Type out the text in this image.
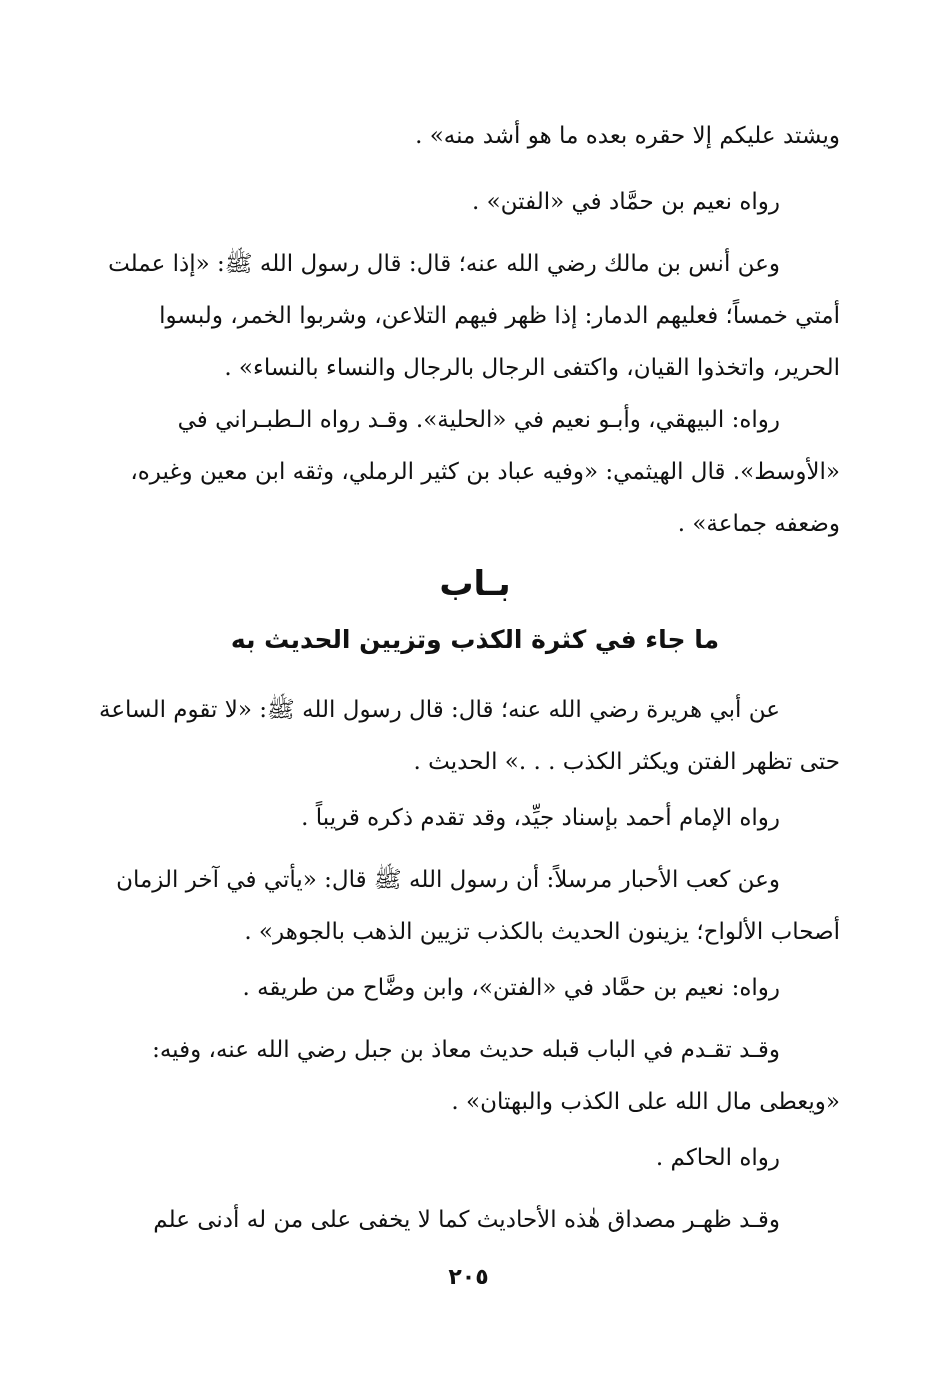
ويشتد عليكم إلا حقره بعده ما هو أشد منه» .
رواه نعيم بن حمَّاد في «الفتن» .
وعن أنس بن مالك رضي الله عنه؛ قال: قال رسول الله ﷺ: «إذا عملت
أمتي خمساً؛ فعليهم الدمار: إذا ظهر فيهم التلاعن، وشربوا الخمر، ولبسوا
الحرير، واتخذوا القيان، واكتفى الرجال بالرجال والنساء بالنساء» .
رواه: البيهقي، وأبـو نعيم في «الحلية». وقـد رواه الـطبـراني في
«الأوسط». قال الهيثمي: «وفيه عباد بن كثير الرملي، وثقه ابن معين وغيره،
وضعفه جماعة» .
بـاب
ما جاء في كثرة الكذب وتزيين الحديث به
عن أبي هريرة رضي الله عنه؛ قال: قال رسول الله ﷺ: «لا تقوم الساعة
حتى تظهر الفتن ويكثر الكذب . . .» الحديث .
رواه الإمام أحمد بإسناد جيِّد، وقد تقدم ذكره قريباً .
وعن كعب الأحبار مرسلاً: أن رسول الله ﷺ قال: «يأتي في آخر الزمان
أصحاب الألواح؛ يزينون الحديث بالكذب تزيين الذهب بالجوهر» .
رواه: نعيم بن حمَّاد في «الفتن»، وابن وضَّاح من طريقه .
وقـد تقـدم في الباب قبله حديث معاذ بن جبل رضي الله عنه، وفيه:
«ويعطى مال الله على الكذب والبهتان» .
رواه الحاكم .
وقـد ظهـر مصداق هٰذه الأحاديث كما لا يخفى على من له أدنى علم
٢٠٥
